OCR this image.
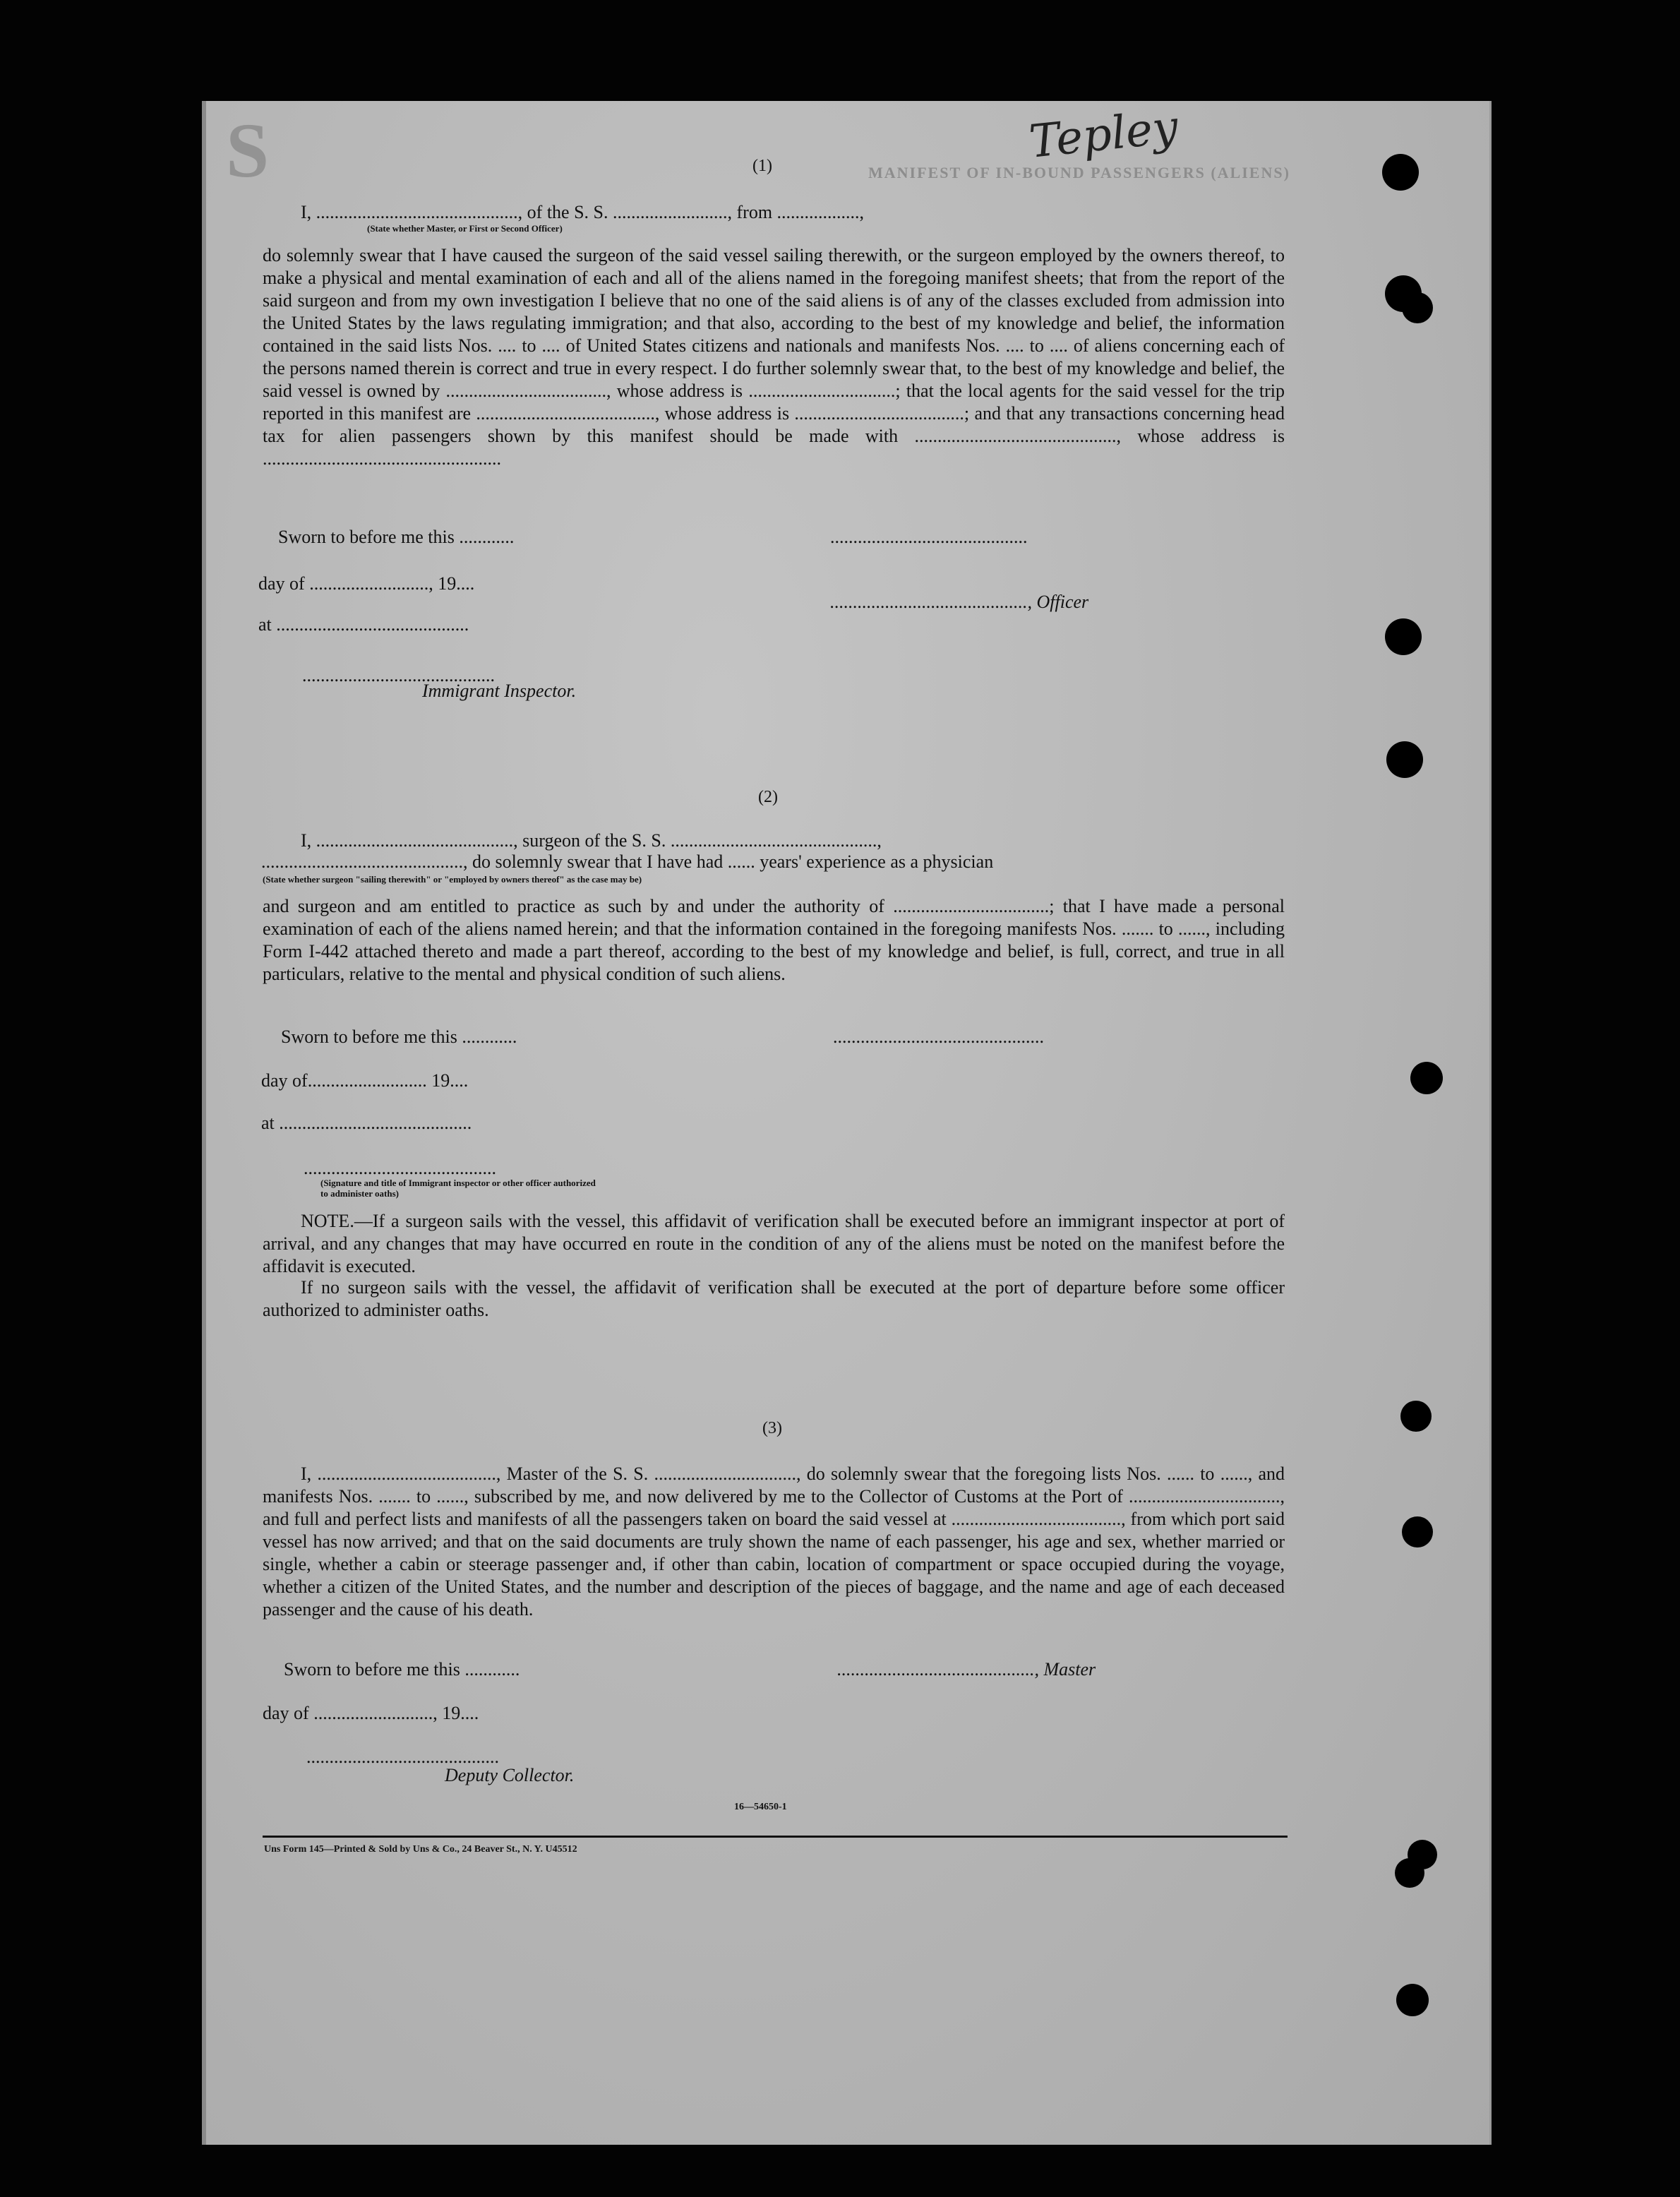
S	MANIFEST OF IN-BOUND PASSENGERS (ALIENS)
Tepley
(1)
I, ............................................, of the S. S. ........................., from ..................,
(State whether Master, or First or Second Officer)

do solemnly swear that I have caused the surgeon of the said vessel sailing therewith, or the surgeon employed by the owners thereof, to make a physical and mental examination of each and all of the aliens named in the foregoing manifest sheets; that from the report of the said surgeon and from my own investigation I believe that no one of the said aliens is of any of the classes excluded from admission into the United States by the laws regulating immigration; and that also, according to the best of my knowledge and belief, the information contained in the said lists Nos. .... to .... of United States citizens and nationals and manifests Nos. .... to .... of aliens concerning each of the persons named therein is correct and true in every respect. I do further solemnly swear that, to the best of my knowledge and belief, the said vessel is owned by ..................................., whose address is ................................; that the local agents for the said vessel for the trip reported in this manifest are ......................................., whose address is .....................................; and that any transactions concerning head tax for alien passengers shown by this manifest should be made with ............................................, whose address is ....................................................

Sworn to before me this ............	...........................................
day of .........................., 19....
..........................................., Officer
at ..........................................
..........................................
Immigrant Inspector.
(2)
I, ..........................................., surgeon of the S. S. .............................................,
............................................, do solemnly swear that I have had ...... years' experience as a physician
(State whether surgeon "sailing therewith" or "employed by owners thereof" as the case may be)

and surgeon and am entitled to practice as such by and under the authority of ..................................; that I have made a personal examination of each of the aliens named herein; and that the information contained in the foregoing manifests Nos. ....... to ......, including Form I-442 attached thereto and made a part thereof, according to the best of my knowledge and belief, is full, correct, and true in all particulars, relative to the mental and physical condition of such aliens.

Sworn to before me this ............	..............................................
day of.......................... 19....
at ..........................................
..........................................
(Signature and title of Immigrant inspector or other officer authorized to administer oaths)
NOTE.—If a surgeon sails with the vessel, this affidavit of verification shall be executed before an immigrant inspector at port of arrival, and any changes that may have occurred en route in the condition of any of the aliens must be noted on the manifest before the affidavit is executed.
If no surgeon sails with the vessel, the affidavit of verification shall be executed at the port of departure before some officer authorized to administer oaths.
(3)
I, ......................................., Master of the S. S. ..............................., do solemnly swear that the foregoing lists Nos. ...... to ......, and manifests Nos. ....... to ......, subscribed by me, and now delivered by me to the Collector of Customs at the Port of ................................., and full and perfect lists and manifests of all the passengers taken on board the said vessel at ....................................., from which port said vessel has now arrived; and that on the said documents are truly shown the name of each passenger, his age and sex, whether married or single, whether a cabin or steerage passenger and, if other than cabin, location of compartment or space occupied during the voyage, whether a citizen of the United States, and the number and description of the pieces of baggage, and the name and age of each deceased passenger and the cause of his death.
Sworn to before me this ............	..........................................., Master
day of .........................., 19....
..........................................
Deputy Collector.
16—54650-1
Uns Form 145—Printed & Sold by Uns & Co., 24 Beaver St., N. Y. U45512
